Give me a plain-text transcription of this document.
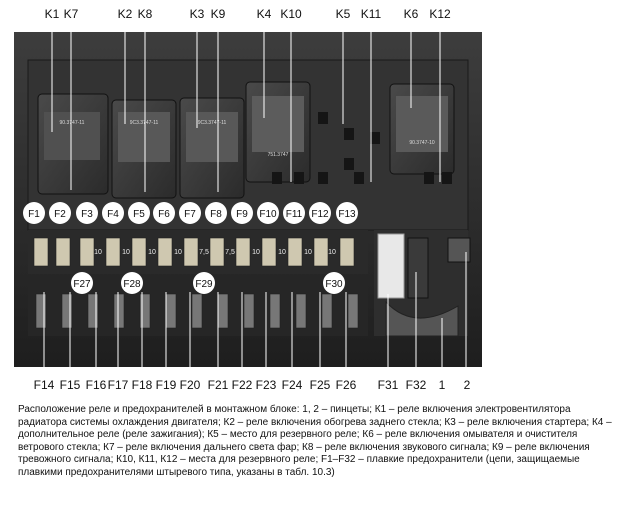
K1 K7	K2 K8	K3 K9	K4 K10	K5 K11 K6 K12
90.3747-11	9C3.3747-11	9C3.3747-11
751.3747
90.3747-10
10	10	10	10 7,5 7,5 10	10	10 10
F1 F2 F3 F4 F5 F6 F7 F8 F9 F10 F11 F12 F13
F27	F28	F29	F30
F14 F15 F16 F17 F18 F19 F20 F21 F22 F23 F24 F25 F26 F31 F32 1 2
Расположение реле и предохранителей в монтажном блоке: 1, 2 – пинцеты; К1 – реле включения электровентилятора радиатора системы охлаждения двигателя; К2 – реле включения обогрева заднего стекла; К3 – реле включения стартера; К4 – дополнительное реле (реле зажигания); К5 – место для резервного реле; К6 – реле включения омывателя и очистителя ветрового стекла; К7 – реле включения дальнего света фар; К8 – реле включения звукового сигнала; К9 – реле включения тревожного сигнала; К10, К11, К12 – места для резервного реле; F1–F32 – плавкие предохранители (цепи, защищаемые плавкими предохранителями штыревого типа, указаны в табл. 10.3)
